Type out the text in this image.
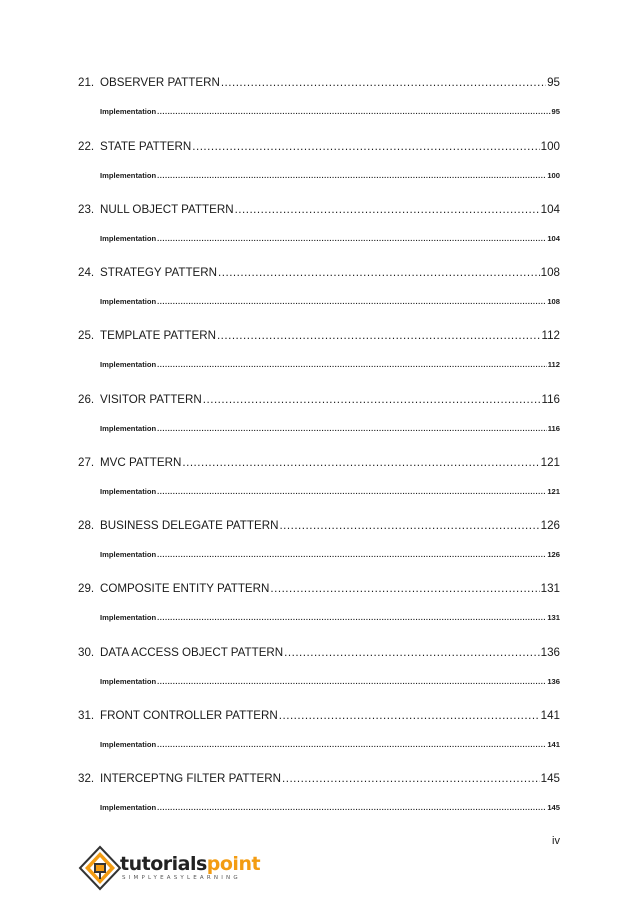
21. OBSERVER PATTERN .....	95
Implementation .....	95
22. STATE PATTERN .....	100
Implementation .....	100
23. NULL OBJECT PATTERN .....	104
Implementation .....	104
24. STRATEGY PATTERN .....	108
Implementation .....	108
25. TEMPLATE PATTERN .....	112
Implementation .....	112
26. VISITOR PATTERN .....	116
Implementation .....	116
27. MVC PATTERN .....	121
Implementation .....	121
28. BUSINESS DELEGATE PATTERN .....	126
Implementation .....	126
29. COMPOSITE ENTITY PATTERN .....	131
Implementation .....	131
30. DATA ACCESS OBJECT PATTERN .....	136
Implementation .....	136
31. FRONT CONTROLLER PATTERN .....	141
Implementation .....	141
32. INTERCEPTNG FILTER PATTERN .....	145
Implementation .....	145
iv
tutorialspoint
SIMPLYEASYLEARNING
